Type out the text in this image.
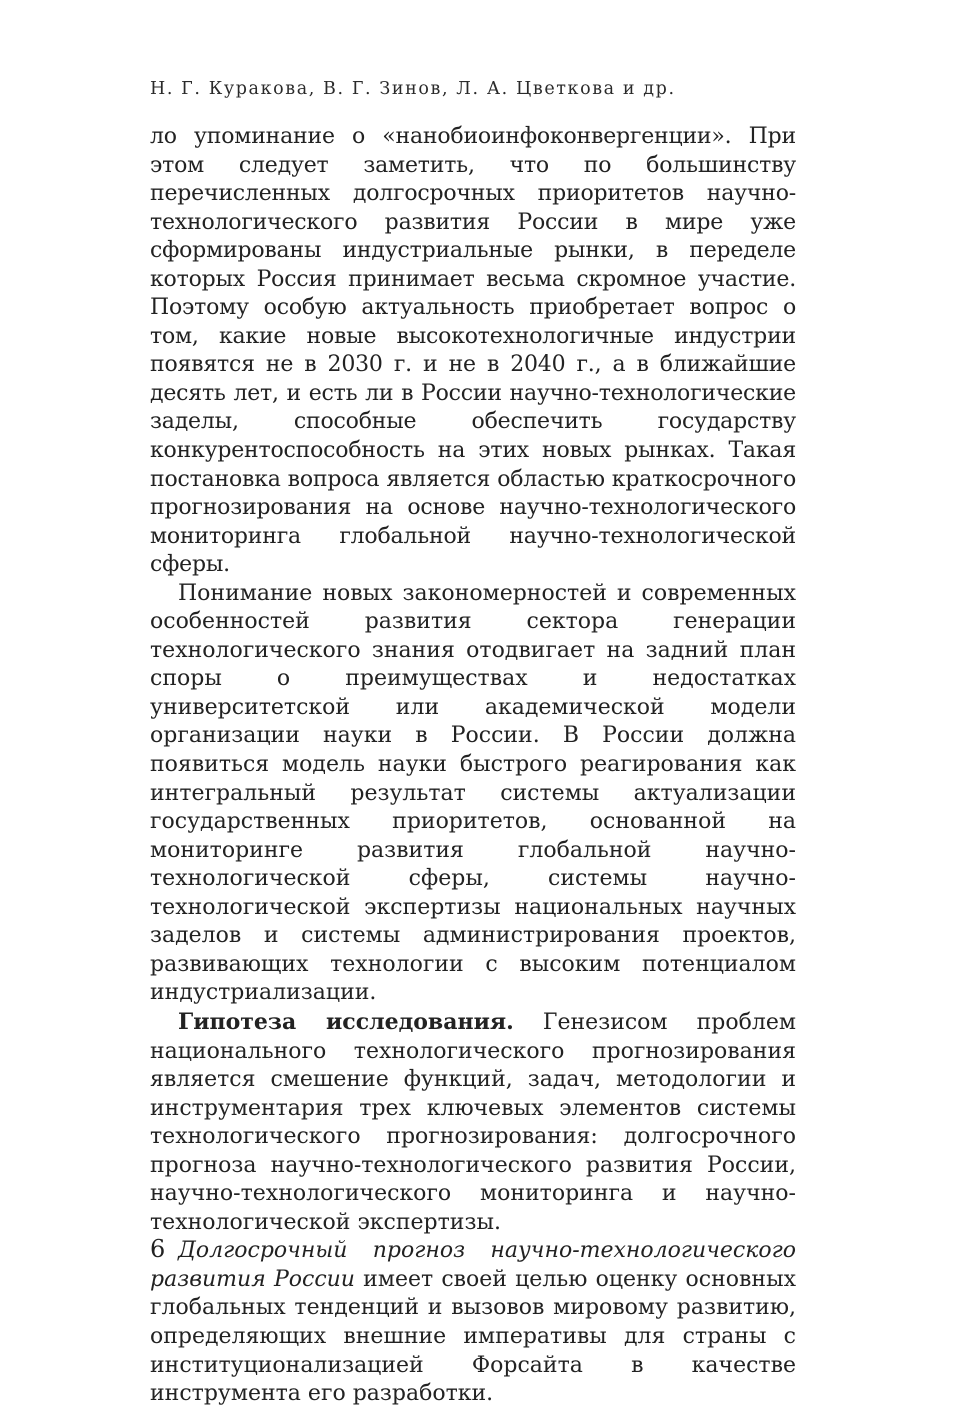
Н. Г. Куракова, В. Г. Зинов, Л. А. Цветкова и др.

ло упоминание о «нанобиоинфоконвергенции». При этом следует заметить, что по большинству перечисленных долгосрочных приоритетов научно-технологического развития России в мире уже сформированы индустриальные рынки, в переделе которых Россия принимает весьма скромное участие. Поэтому особую актуальность приобретает вопрос о том, какие новые высокотехнологичные индустрии появятся не в 2030 г. и не в 2040 г., а в ближайшие десять лет, и есть ли в России научно-технологические заделы, способные обеспечить государству конкурентоспособность на этих новых рынках. Такая постановка вопроса является областью краткосрочного прогнозирования на основе научно-технологического мониторинга глобальной научно-технологической сферы.

Понимание новых закономерностей и современных особенностей развития сектора генерации технологического знания отодвигает на задний план споры о преимуществах и недостатках университетской или академической модели организации науки в России. В России должна появиться модель науки быстрого реагирования как интегральный результат системы актуализации государственных приоритетов, основанной на мониторинге развития глобальной научно-технологической сферы, системы научно-технологической экспертизы национальных научных заделов и системы администрирования проектов, развивающих технологии с высоким потенциалом индустриализации.

Гипотеза исследования. Генезисом проблем национального технологического прогнозирования является смешение функций, задач, методологии и инструментария трех ключевых элементов системы технологического прогнозирования: долгосрочного прогноза научно-технологического развития России, научно-технологического мониторинга и научно-технологической экспертизы.

Долгосрочный прогноз научно-технологического развития России имеет своей целью оценку основных глобальных тенденций и вызовов мировому развитию, определяющих внешние императивы для страны с институционализацией Форсайта в качестве инструмента его разработки.

6
